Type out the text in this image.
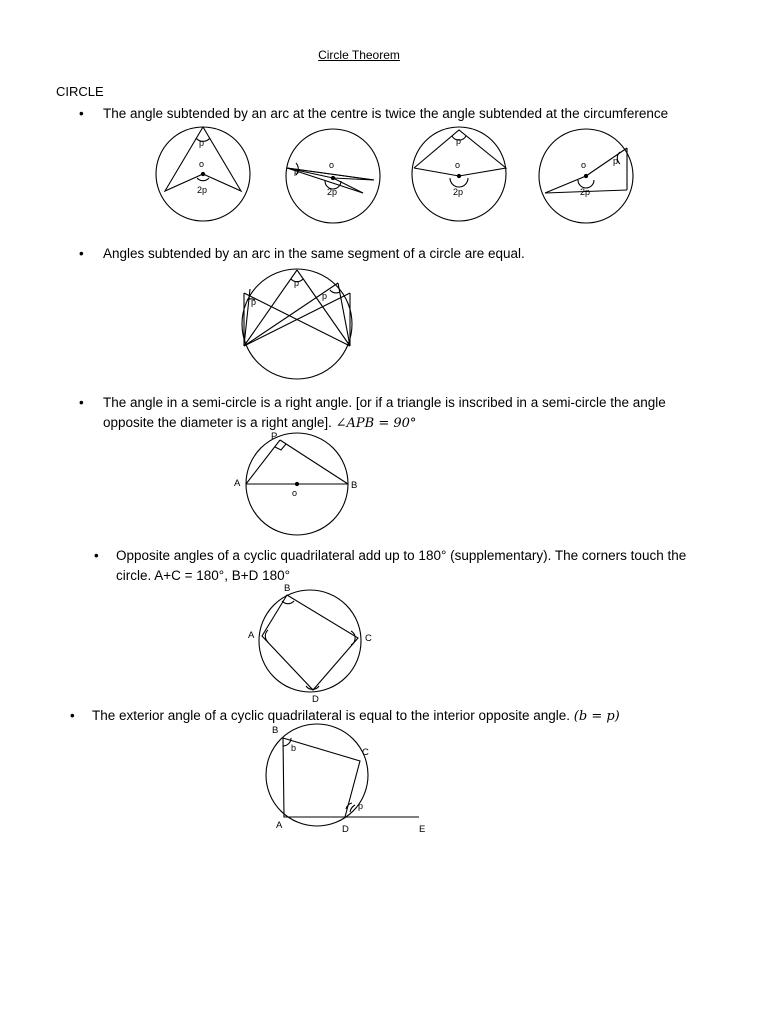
Circle Theorem
CIRCLE
• The angle subtended by an arc at the centre is twice the angle subtended at the circumference
• Angles subtended by an arc in the same segment of a circle are equal.
• The angle in a semi-circle is a right angle. [or if a triangle is inscribed in a semi-circle the angle
opposite the diameter is a right angle]. ∠APB = 90°
• Opposite angles of a cyclic quadrilateral add up to 180° (supplementary). The corners touch the
circle. A+C = 180°, B+D 180°
• The exterior angle of a cyclic quadrilateral is equal to the interior opposite angle. (b = p)
p
o
2p
p
o
2p
p
o
2p
p
o
2p
p
p
p
P
A	B
o
B
A	C
D
B
C
A	D	E
b
p
